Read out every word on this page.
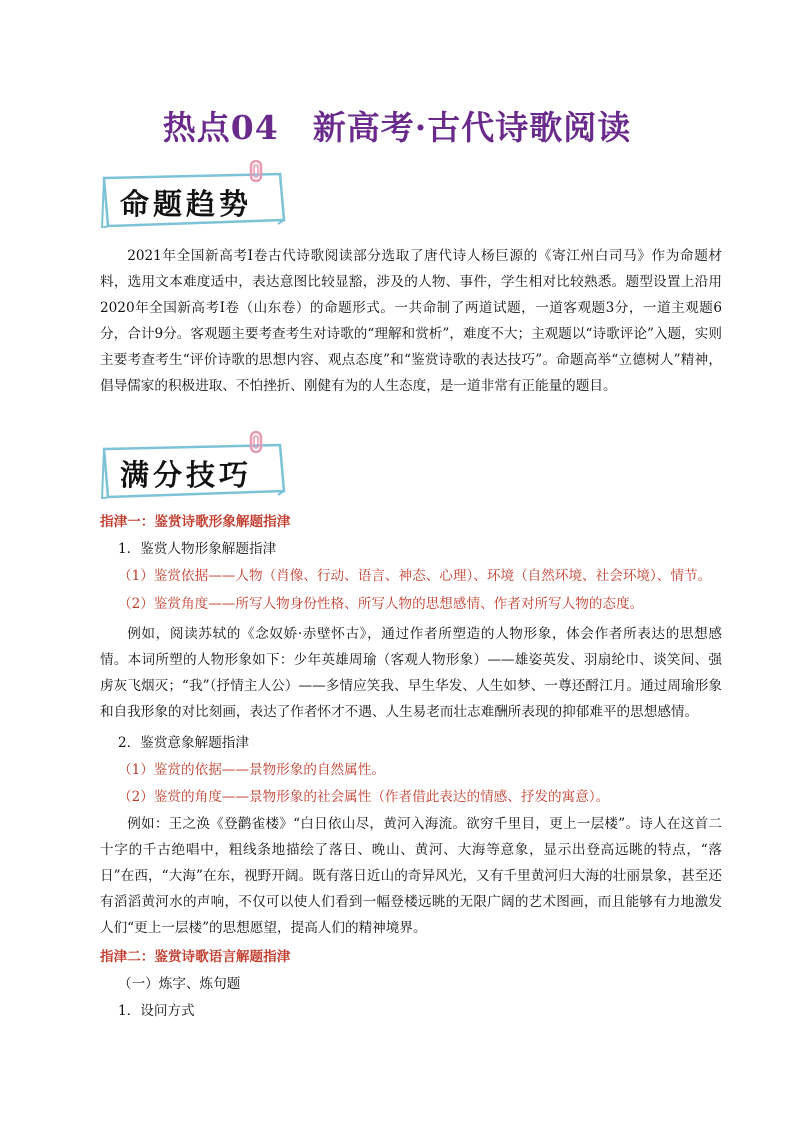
热点04　新高考·古代诗歌阅读
命题趋势

2021年全国新高考Ⅰ卷古代诗歌阅读部分选取了唐代诗人杨巨源的《寄江州白司马》作为命题材料，选用文本难度适中，表达意图比较显豁，涉及的人物、事件，学生相对比较熟悉。题型设置上沿用2020年全国新高考Ⅰ卷（山东卷）的命题形式。一共命制了两道试题，一道客观题3分，一道主观题6分，合计9分。客观题主要考查考生对诗歌的“理解和赏析”，难度不大；主观题以“诗歌评论”入题，实则主要考查考生“评价诗歌的思想内容、观点态度”和“鉴赏诗歌的表达技巧”。命题高举“立德树人”精神，倡导儒家的积极进取、不怕挫折、刚健有为的人生态度，是一道非常有正能量的题目。

满分技巧
指津一：鉴赏诗歌形象解题指津
1．鉴赏人物形象解题指津
（1）鉴赏依据——人物（肖像、行动、语言、神态、心理）、环境（自然环境、社会环境）、情节。
（2）鉴赏角度——所写人物身份性格、所写人物的思想感情、作者对所写人物的态度。

例如，阅读苏轼的《念奴娇·赤壁怀古》，通过作者所塑造的人物形象，体会作者所表达的思想感情。本词所塑的人物形象如下：少年英雄周瑜（客观人物形象）——雄姿英发、羽扇纶巾、谈笑间、强虏灰飞烟灭；“我”（抒情主人公）——多情应笑我、早生华发、人生如梦、一尊还酹江月。通过周瑜形象和自我形象的对比刻画，表达了作者怀才不遇、人生易老而壮志难酬所表现的抑郁难平的思想感情。

2．鉴赏意象解题指津
（1）鉴赏的依据——景物形象的自然属性。
（2）鉴赏的角度——景物形象的社会属性（作者借此表达的情感、抒发的寓意）。

例如：王之涣《登鹳雀楼》“白日依山尽，黄河入海流。欲穷千里目，更上一层楼”。诗人在这首二十字的千古绝唱中，粗线条地描绘了落日、晚山、黄河、大海等意象，显示出登高远眺的特点，“落日”在西，“大海”在东，视野开阔。既有落日近山的奇异风光，又有千里黄河归大海的壮丽景象，甚至还有滔滔黄河水的声响，不仅可以使人们看到一幅登楼远眺的无限广阔的艺术图画，而且能够有力地激发人们“更上一层楼”的思想愿望，提高人们的精神境界。

指津二：鉴赏诗歌语言解题指津
（一）炼字、炼句题
1．设问方式
